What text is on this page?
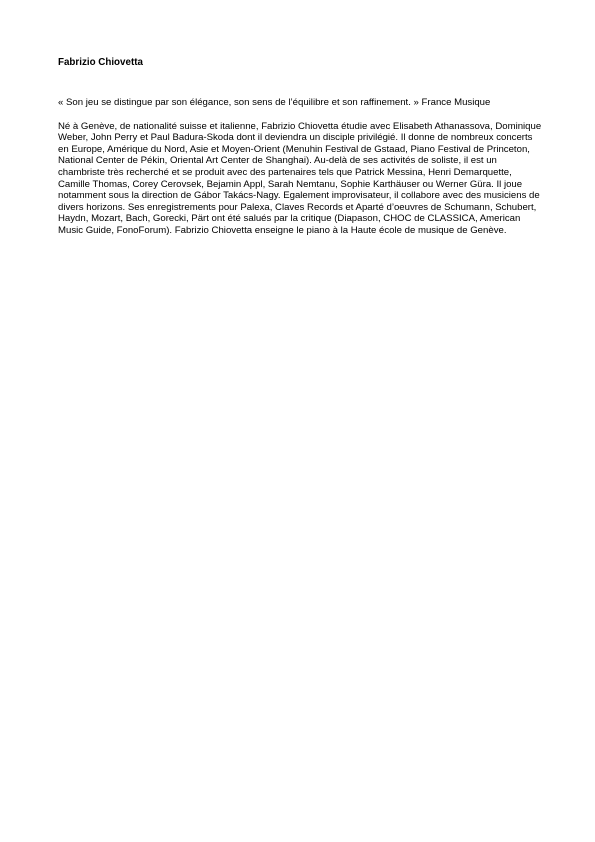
Fabrizio Chiovetta

« Son jeu se distingue par son élégance, son sens de l’équilibre et son raffinement. » France Musique

Né à Genève, de nationalité suisse et italienne, Fabrizio Chiovetta étudie avec Elisabeth Athanassova, Dominique Weber, John Perry et Paul Badura-Skoda dont il deviendra un disciple privilégié. Il donne de nombreux concerts en Europe, Amérique du Nord, Asie et Moyen-Orient (Menuhin Festival de Gstaad, Piano Festival de Princeton, National Center de Pékin, Oriental Art Center de Shanghai). Au-delà de ses activités de soliste, il est un chambriste très recherché et se produit avec des partenaires tels que Patrick Messina, Henri Demarquette, Camille Thomas, Corey Cerovsek, Bejamin Appl, Sarah Nemtanu, Sophie Karthäuser ou Werner Güra. Il joue notamment sous la direction de Gábor Takács-Nagy. Egalement improvisateur, il collabore avec des musiciens de divers horizons. Ses enregistrements pour Palexa, Claves Records et Aparté d’oeuvres de Schumann, Schubert, Haydn, Mozart, Bach, Gorecki, Pärt ont été salués par la critique (Diapason, CHOC de CLASSICA, American Music Guide, FonoForum). Fabrizio Chiovetta enseigne le piano à la Haute école de musique de Genève.
